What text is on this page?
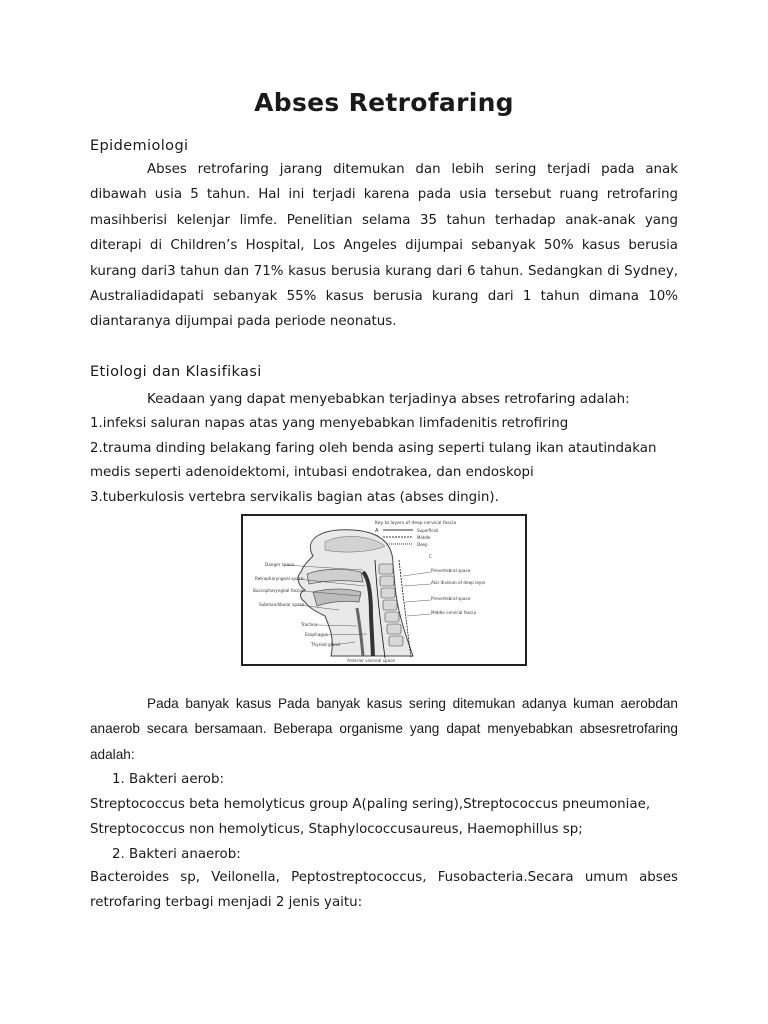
Abses Retrofaring
Epidemiologi

Abses retrofaring jarang ditemukan dan lebih sering terjadi pada anak dibawah usia 5 tahun. Hal ini terjadi karena pada usia tersebut ruang retrofaring masihberisi kelenjar limfe. Penelitian selama 35 tahun terhadap anak-anak yang diterapi di Children’s Hospital, Los Angeles dijumpai sebanyak 50% kasus berusia kurang dari3 tahun dan 71% kasus berusia kurang dari 6 tahun. Sedangkan di Sydney, Australiadidapati sebanyak 55% kasus berusia kurang dari 1 tahun dimana 10% diantaranya dijumpai pada periode neonatus.

Etiologi dan Klasifikasi
Keadaan yang dapat menyebabkan terjadinya abses retrofaring adalah:
1.infeksi saluran napas atas yang menyebabkan limfadenitis retrofiring
2.trauma dinding belakang faring oleh benda asing seperti tulang ikan atautindakan
medis seperti adenoidektomi, intubasi endotrakea, dan endoskopi
3.tuberkulosis vertebra servikalis bagian atas (abses dingin).
Key to layers of deep cervical fascia
A	Superficial
Middle
Deep
Danger space
Retropharyngeal space
Buccopharyngeal fascia
Submandibular space
Trachea
Esophagus
Thyroid gland
C
Prevertebral space
Alar division of deep layer
Prevertebral space
Middle cervical fascia
Anterior visceral space

Pada banyak kasus Pada banyak kasus sering ditemukan adanya kuman aerobdan anaerob secara bersamaan. Beberapa organisme yang dapat menyebabkan absesretrofaring adalah:

1. Bakteri aerob:
Streptococcus beta hemolyticus group A(paling sering),Streptococcus pneumoniae,
Streptococcus non hemolyticus, Staphylococcusaureus, Haemophillus sp;
2. Bakteri anaerob:

Bacteroides sp, Veilonella, Peptostreptococcus, Fusobacteria.Secara umum abses retrofaring terbagi menjadi 2 jenis yaitu:
